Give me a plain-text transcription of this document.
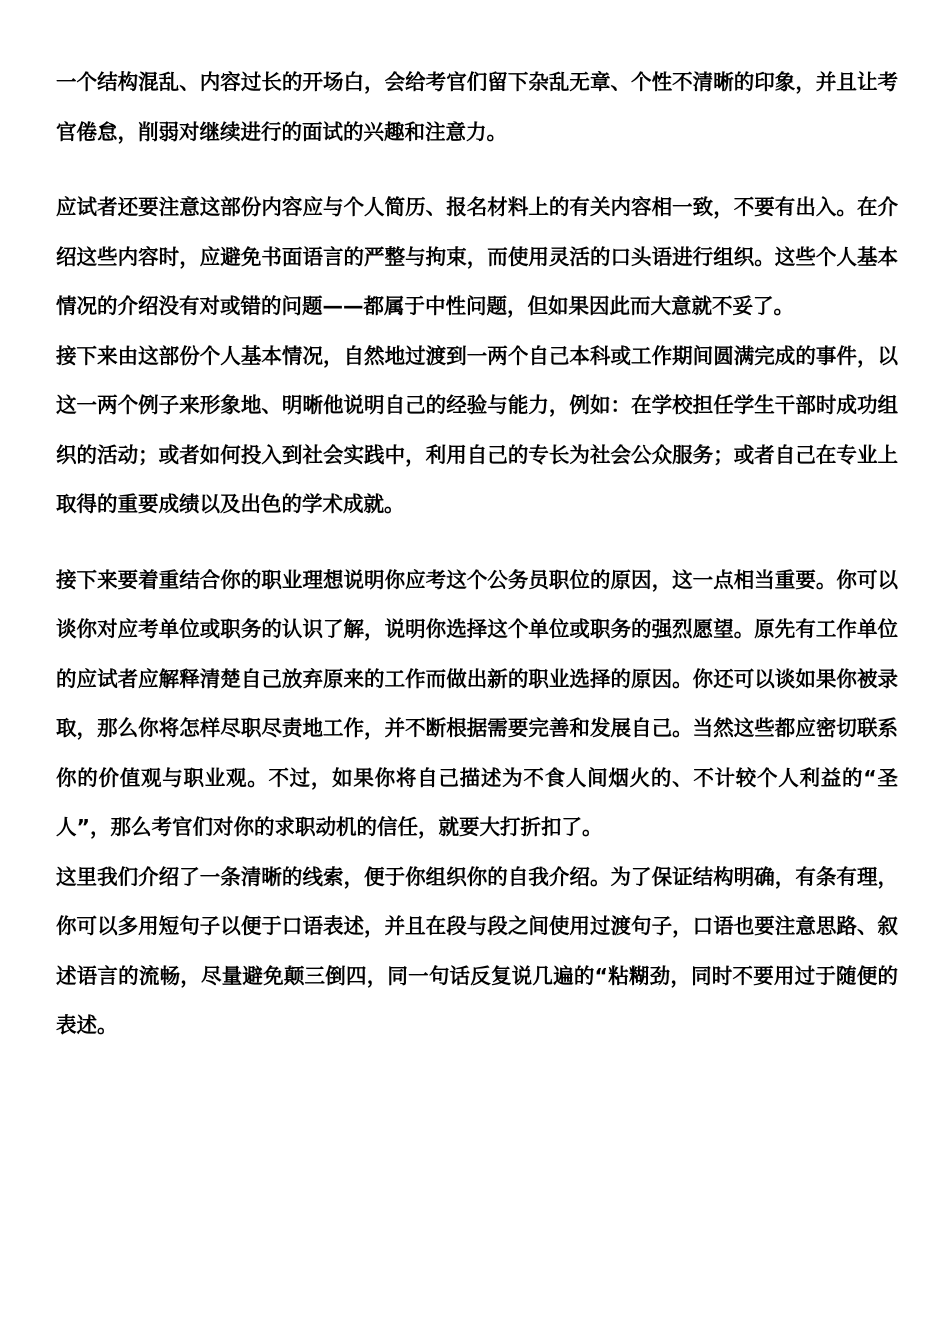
一个结构混乱、内容过长的开场白，会给考官们留下杂乱无章、个性不清晰的印象，并且让考官倦怠，削弱对继续进行的面试的兴趣和注意力。

应试者还要注意这部份内容应与个人简历、报名材料上的有关内容相一致，不要有出入。在介绍这些内容时，应避免书面语言的严整与拘束，而使用灵活的口头语进行组织。这些个人基本情况的介绍没有对或错的问题——都属于中性问题，但如果因此而大意就不妥了。

接下来由这部份个人基本情况，自然地过渡到一两个自己本科或工作期间圆满完成的事件，以这一两个例子来形象地、明晰他说明自己的经验与能力，例如：在学校担任学生干部时成功组织的活动；或者如何投入到社会实践中，利用自己的专长为社会公众服务；或者自己在专业上取得的重要成绩以及出色的学术成就。

接下来要着重结合你的职业理想说明你应考这个公务员职位的原因，这一点相当重要。你可以谈你对应考单位或职务的认识了解，说明你选择这个单位或职务的强烈愿望。原先有工作单位的应试者应解释清楚自己放弃原来的工作而做出新的职业选择的原因。你还可以谈如果你被录取，那么你将怎样尽职尽责地工作，并不断根据需要完善和发展自己。当然这些都应密切联系你的价值观与职业观。不过，如果你将自己描述为不食人间烟火的、不计较个人利益的“圣人”，那么考官们对你的求职动机的信任，就要大打折扣了。

这里我们介绍了一条清晰的线索，便于你组织你的自我介绍。为了保证结构明确，有条有理，你可以多用短句子以便于口语表述，并且在段与段之间使用过渡句子，口语也要注意思路、叙述语言的流畅，尽量避免颠三倒四，同一句话反复说几遍的“粘糊劲，同时不要用过于随便的表述。
